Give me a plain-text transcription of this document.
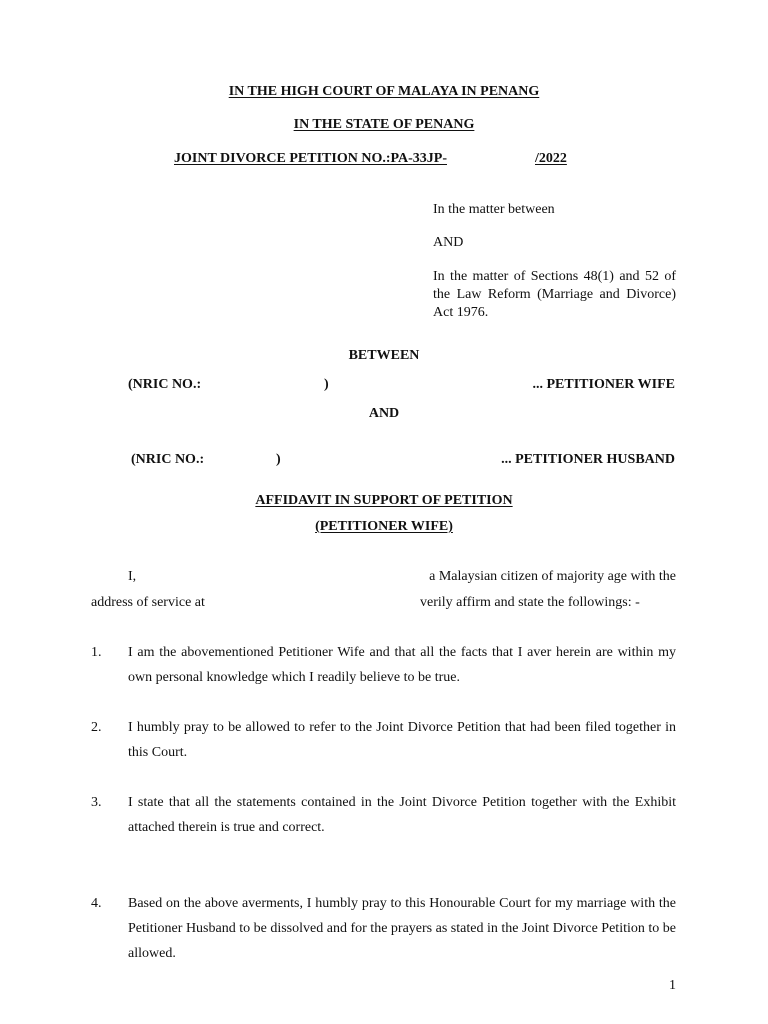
IN THE HIGH COURT OF MALAYA IN PENANG
IN THE STATE OF PENANG
JOINT DIVORCE PETITION NO.:PA-33JP-	/2022
In the matter between
AND
In the matter of Sections 48(1) and 52 of the Law Reform (Marriage and Divorce) Act 1976.
BETWEEN
(NRIC NO.:	)	... PETITIONER WIFE
AND
(NRIC NO.:	)	... PETITIONER HUSBAND
AFFIDAVIT IN SUPPORT OF PETITION
(PETITIONER WIFE)
I,	a Malaysian citizen of majority age with the
address of service at	verily affirm and state the followings: -
1. I am the abovementioned Petitioner Wife and that all the facts that I aver herein are within my own personal knowledge which I readily believe to be true.
2. I humbly pray to be allowed to refer to the Joint Divorce Petition that had been filed together in this Court.
3. I state that all the statements contained in the Joint Divorce Petition together with the Exhibit attached therein is true and correct.
4. Based on the above averments, I humbly pray to this Honourable Court for my marriage with the Petitioner Husband to be dissolved and for the prayers as stated in the Joint Divorce Petition to be allowed.
1
